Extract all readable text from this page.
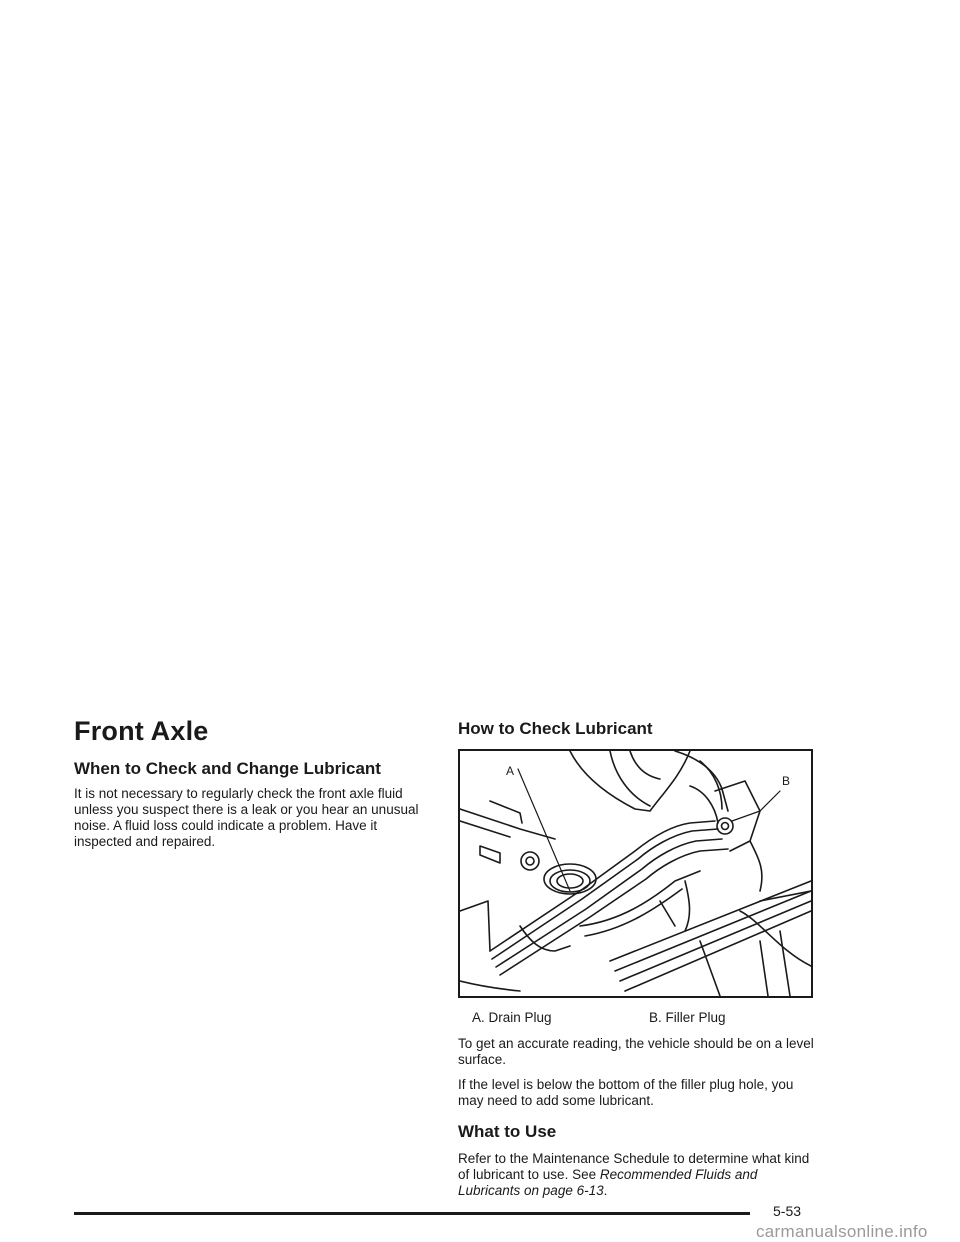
Front Axle
When to Check and Change Lubricant

It is not necessary to regularly check the front axle fluid unless you suspect there is a leak or you hear an unusual noise. A fluid loss could indicate a problem. Have it inspected and repaired.

How to Check Lubricant
A
B
A. Drain Plug	B. Filler Plug

To get an accurate reading, the vehicle should be on a level surface.

If the level is below the bottom of the filler plug hole, you may need to add some lubricant.

What to Use

Refer to the Maintenance Schedule to determine what kind of lubricant to use. See Recommended Fluids and Lubricants on page 6-13.

5-53
carmanualsonline.info
